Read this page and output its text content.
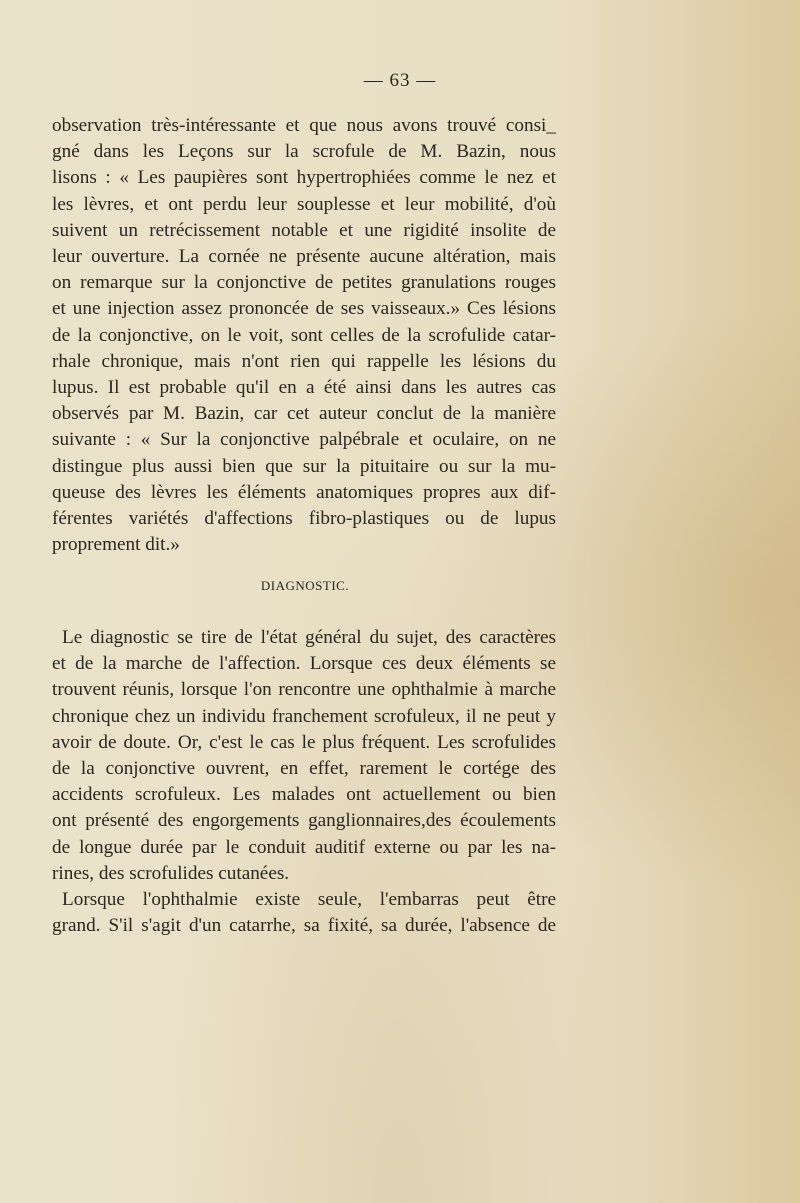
— 63 —
observation très-intéressante et que nous avons trouvé consi_
gné dans les Leçons sur la scrofule de M. Bazin, nous
lisons : « Les paupières sont hypertrophiées comme le nez et
les lèvres, et ont perdu leur souplesse et leur mobilité, d'où
suivent un retrécissement notable et une rigidité insolite de
leur ouverture. La cornée ne présente aucune altération, mais
on remarque sur la conjonctive de petites granulations rouges
et une injection assez prononcée de ses vaisseaux.» Ces lésions
de la conjonctive, on le voit, sont celles de la scrofulide catar-
rhale chronique, mais n'ont rien qui rappelle les lésions du
lupus. Il est probable qu'il en a été ainsi dans les autres cas
observés par M. Bazin, car cet auteur conclut de la manière
suivante : « Sur la conjonctive palpébrale et oculaire, on ne
distingue plus aussi bien que sur la pituitaire ou sur la mu-
queuse des lèvres les éléments anatomiques propres aux dif-
férentes variétés d'affections fibro-plastiques ou de lupus
proprement dit.»
DIAGNOSTIC.
Le diagnostic se tire de l'état général du sujet, des caractères
et de la marche de l'affection. Lorsque ces deux éléments se
trouvent réunis, lorsque l'on rencontre une ophthalmie à marche
chronique chez un individu franchement scrofuleux, il ne peut y
avoir de doute. Or, c'est le cas le plus fréquent. Les scrofulides
de la conjonctive ouvrent, en effet, rarement le cortége des
accidents scrofuleux. Les malades ont actuellement ou bien
ont présenté des engorgements ganglionnaires,des écoulements
de longue durée par le conduit auditif externe ou par les na-
rines, des scrofulides cutanées.
Lorsque l'ophthalmie existe seule, l'embarras peut être
grand. S'il s'agit d'un catarrhe, sa fixité, sa durée, l'absence de
